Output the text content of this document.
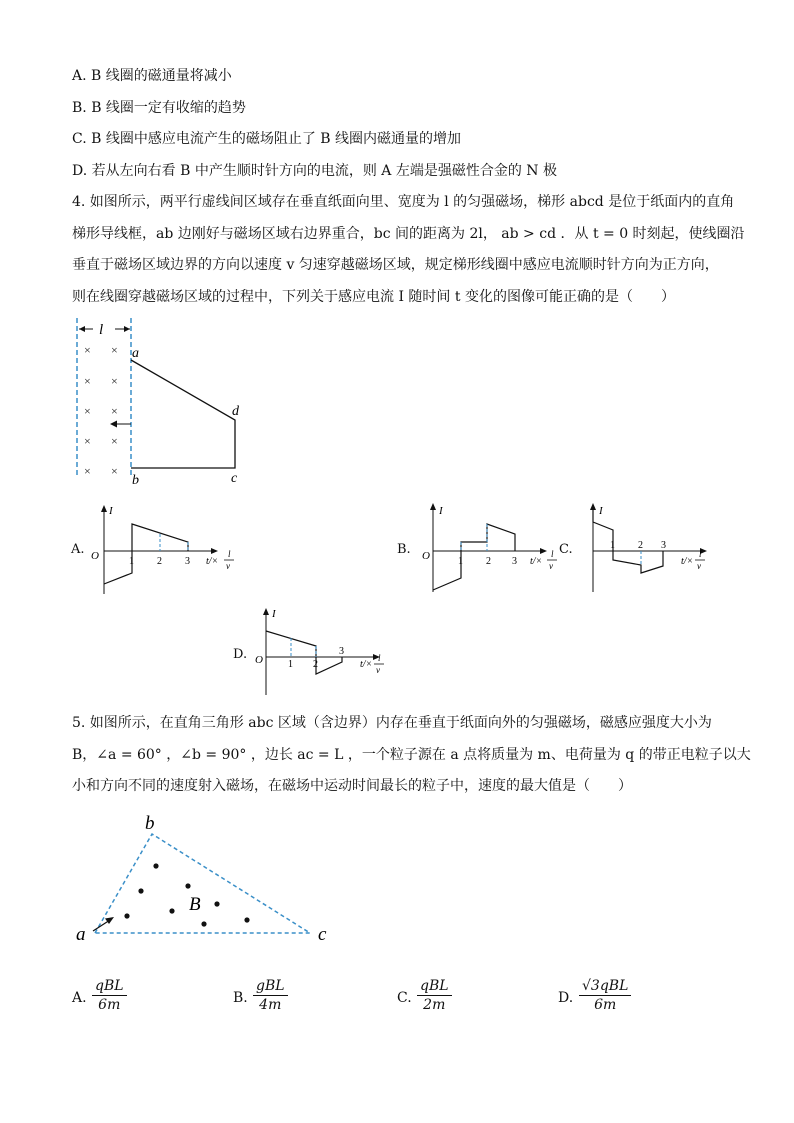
A. B 线圈的磁通量将减小
B. B 线圈一定有收缩的趋势
C. B 线圈中感应电流产生的磁场阻止了 B 线圈内磁通量的增加
D. 若从左向右看 B 中产生顺时针方向的电流，则 A 左端是强磁性合金的 N 极
4. 如图所示，两平行虚线间区域存在垂直纸面向里、宽度为 l 的匀强磁场，梯形 abcd 是位于纸面内的直角
梯形导线框，ab 边刚好与磁场区域右边界重合，bc 间的距离为 2l， ab > cd ．从 t = 0 时刻起，使线圈沿
垂直于磁场区域边界的方向以速度 v 匀速穿越磁场区域，规定梯形线圈中感应电流顺时针方向为正方向，
则在线圈穿越磁场区域的过程中，下列关于感应电流 I 随时间 t 变化的图像可能正确的是（　　）
l
× ×
× ×
× ×
× ×
× ×
a
b	c
d
A. O
I
1 2 3 t/×
l
v
B. O
I
1 2 3 t/×
l
v
C.
I
1 2 3
t/×
l
v
D. O
I
1 2
3
t/×
l
v
5. 如图所示，在直角三角形 abc 区域（含边界）内存在垂直于纸面向外的匀强磁场，磁感应强度大小为
B，∠a = 60° ，∠b = 90° ，边长 ac = L ，一个粒子源在 a 点将质量为 m、电荷量为 q 的带正电粒子以大
小和方向不同的速度射入磁场，在磁场中运动时间最长的粒子中，速度的最大值是（　　）
b
a	c
B
A.
qBL
6m	B.
gBL
4m	C.
qBL
2m	D.
√3qBL
6m
